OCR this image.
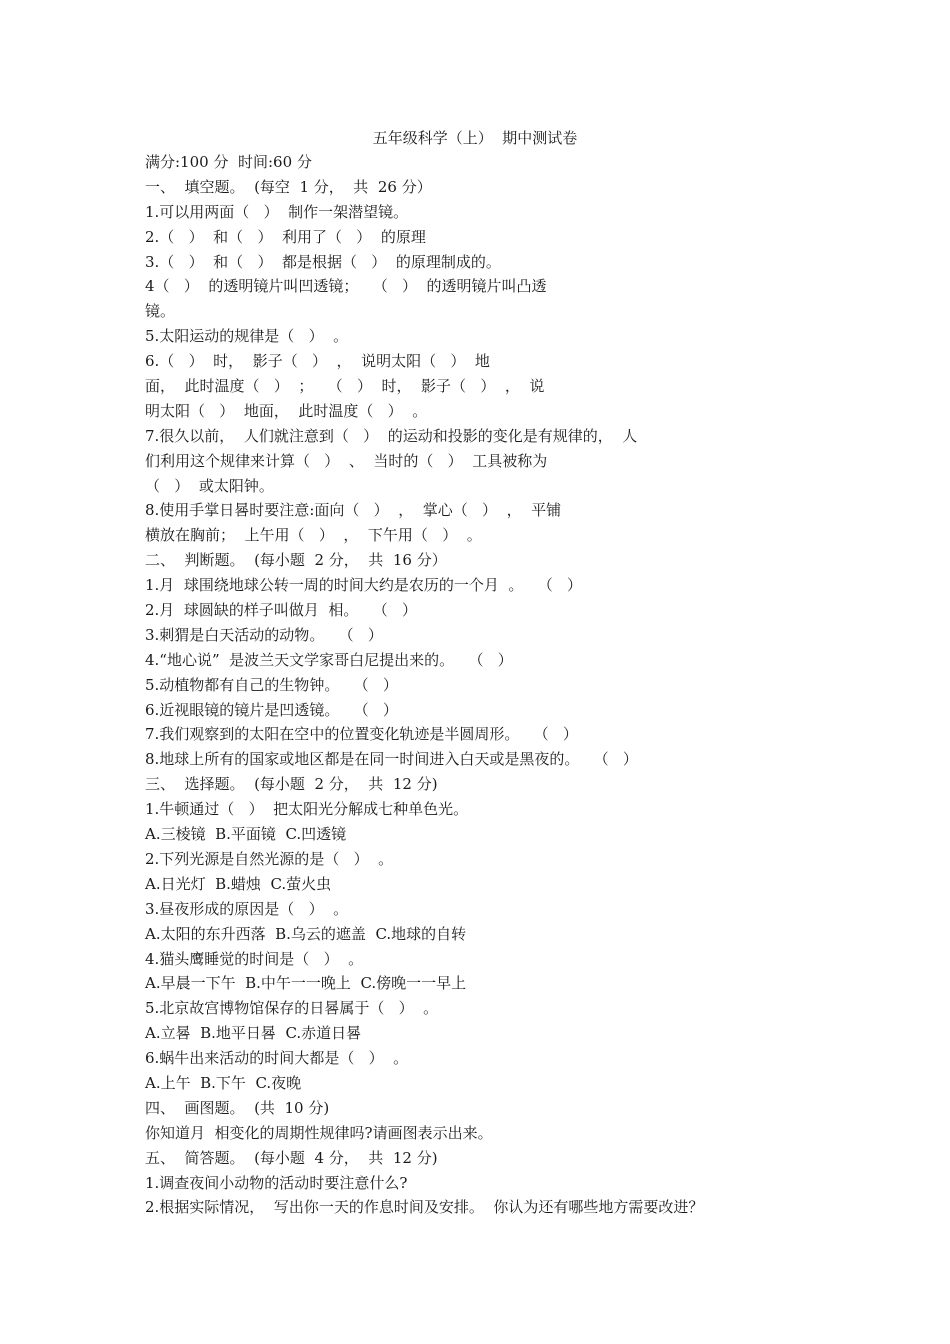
五年级科学（上）  期中测试卷
满分:100 分  时间:60 分
一、  填空题。  (每空  1 分，  共  26 分）
1.可以用两面（   ）  制作一架潜望镜。
2.（   ）  和（   ）  利用了（   ）  的原理
3.（   ）  和（   ）  都是根据（   ）  的原理制成的。
4（   ）  的透明镜片叫凹透镜；   （   ）  的透明镜片叫凸透
镜。
5.太阳运动的规律是（   ）  。
6.（   ）  时，  影子（   ）  ，  说明太阳（   ）  地
面，  此时温度（   ）  ；   （   ）  时，  影子（   ）  ，  说
明太阳（   ）  地面，  此时温度（   ）  。
7.很久以前，  人们就注意到（   ）  的运动和投影的变化是有规律的，  人
们利用这个规律来计算（   ）  、  当时的（   ）  工具被称为
（   ）  或太阳钟。
8.使用手掌日晷时要注意:面向（   ）  ，  掌心（   ）  ，  平铺
横放在胸前；  上午用（   ）  ，  下午用（   ）  。
二、  判断题。  (每小题  2 分，  共  16 分）
1.月  球围绕地球公转一周的时间大约是农历的一个月  。   （   ）
2.月  球圆缺的样子叫做月  相。   （   ）
3.刺猬是白天活动的动物。   （   ）
4.“地心说”  是波兰天文学家哥白尼提出来的。   （   ）
5.动植物都有自己的生物钟。   （   ）
6.近视眼镜的镜片是凹透镜。   （   ）
7.我们观察到的太阳在空中的位置变化轨迹是半圆周形。   （   ）
8.地球上所有的国家或地区都是在同一时间进入白天或是黑夜的。   （   ）
三、  选择题。  (每小题  2 分，  共  12 分)
1.牛顿通过（   ）  把太阳光分解成七种单色光。
A.三棱镜  B.平面镜  C.凹透镜
2.下列光源是自然光源的是（   ）  。
A.日光灯  B.蜡烛  C.萤火虫
3.昼夜形成的原因是（   ）  。
A.太阳的东升西落  B.乌云的遮盖  C.地球的自转
4.猫头鹰睡觉的时间是（   ）  。
A.早晨一下午  B.中午一一晚上  C.傍晚一一早上
5.北京故宫博物馆保存的日晷属于（   ）  。
A.立晷  B.地平日晷  C.赤道日晷
6.蜗牛出来活动的时间大都是（   ）  。
A.上午  B.下午  C.夜晚
四、  画图题。  (共  10 分)
你知道月  相变化的周期性规律吗?请画图表示出来。
五、  简答题。  (每小题  4 分，  共  12 分)
1.调查夜间小动物的活动时要注意什么?
2.根据实际情况，  写出你一天的作息时间及安排。  你认为还有哪些地方需要改进？
